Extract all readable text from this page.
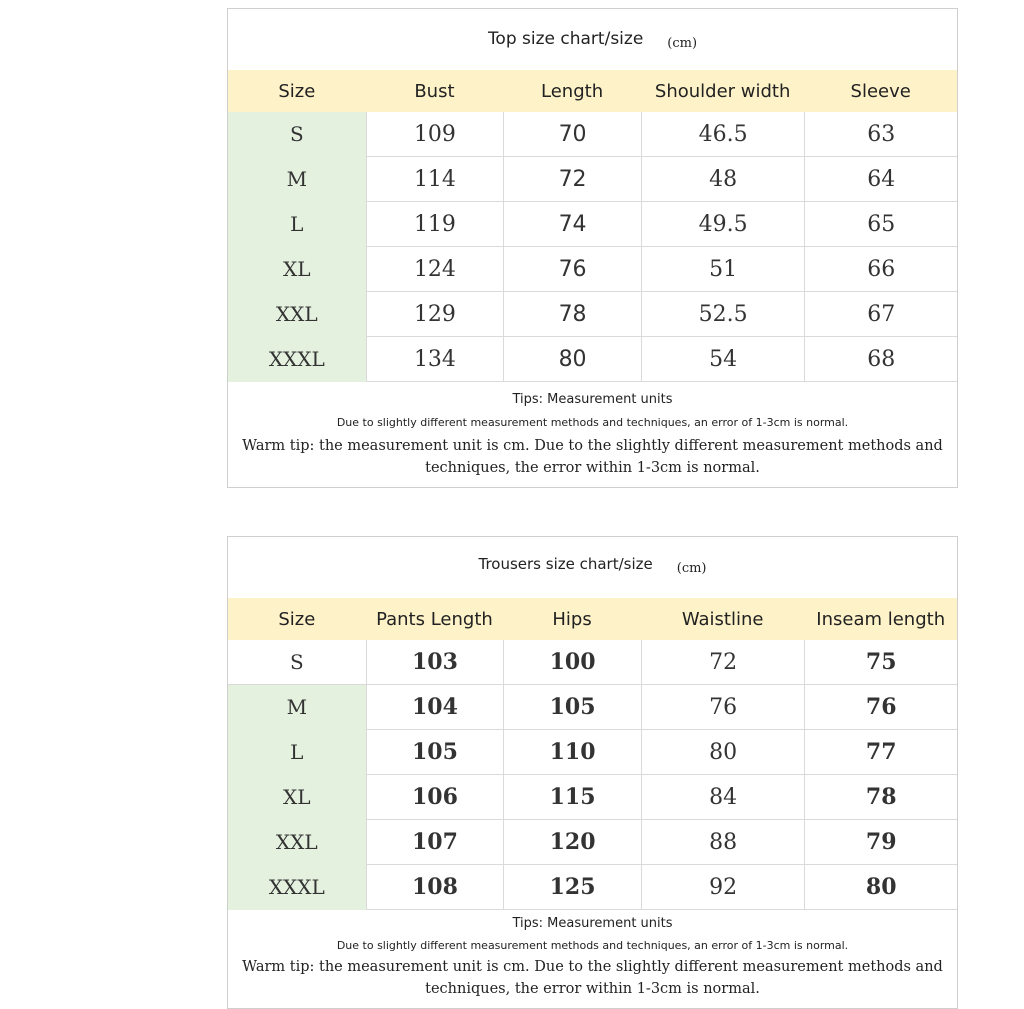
Top size chart/size (cm)
Size	Bust	Length	Shoulder width	Sleeve
S	109	70	46.5	63
M	114	72	48	64
L	119	74	49.5	65
XL	124	76	51	66
XXL	129	78	52.5	67
XXXL	134	80	54	68
Tips: Measurement units
Due to slightly different measurement methods and techniques, an error of 1-3cm is normal.
Warm tip: the measurement unit is cm. Due to the slightly different measurement methods and techniques, the error within 1-3cm is normal.
Trousers size chart/size (cm)
Size	Pants Length	Hips	Waistline	Inseam length
S	103	100	72	75
M	104	105	76	76
L	105	110	80	77
XL	106	115	84	78
XXL	107	120	88	79
XXXL	108	125	92	80
Tips: Measurement units
Due to slightly different measurement methods and techniques, an error of 1-3cm is normal.
Warm tip: the measurement unit is cm. Due to the slightly different measurement methods and techniques, the error within 1-3cm is normal.
